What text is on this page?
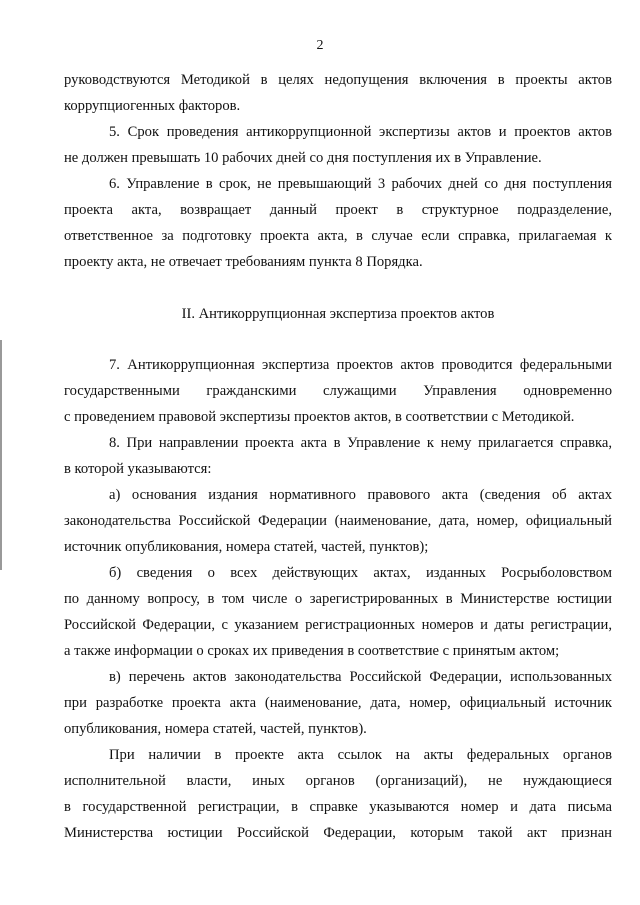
2
руководствуются Методикой в целях недопущения включения в проекты актов
коррупциогенных факторов.
5. Срок проведения антикоррупционной экспертизы актов и проектов актов
не должен превышать 10 рабочих дней со дня поступления их в Управление.
6. Управление в срок, не превышающий 3 рабочих дней со дня поступления
проекта акта, возвращает данный проект в структурное подразделение,
ответственное за подготовку проекта акта, в случае если справка, прилагаемая к
проекту акта, не отвечает требованиям пункта 8 Порядка.
II. Антикоррупционная экспертиза проектов актов
7. Антикоррупционная экспертиза проектов актов проводится федеральными
государственными гражданскими служащими Управления одновременно
с проведением правовой экспертизы проектов актов, в соответствии с Методикой.
8. При направлении проекта акта в Управление к нему прилагается справка,
в которой указываются:
а) основания издания нормативного правового акта (сведения об актах
законодательства Российской Федерации (наименование, дата, номер, официальный
источник опубликования, номера статей, частей, пунктов);
б) сведения о всех действующих актах, изданных Росрыболовством
по данному вопросу, в том числе о зарегистрированных в Министерстве юстиции
Российской Федерации, с указанием регистрационных номеров и даты регистрации,
а также информации о сроках их приведения в соответствие с принятым актом;
в) перечень актов законодательства Российской Федерации, использованных
при разработке проекта акта (наименование, дата, номер, официальный источник
опубликования, номера статей, частей, пунктов).
При наличии в проекте акта ссылок на акты федеральных органов
исполнительной власти, иных органов (организаций), не нуждающиеся
в государственной регистрации, в справке указываются номер и дата письма
Министерства юстиции Российской Федерации, которым такой акт признан
